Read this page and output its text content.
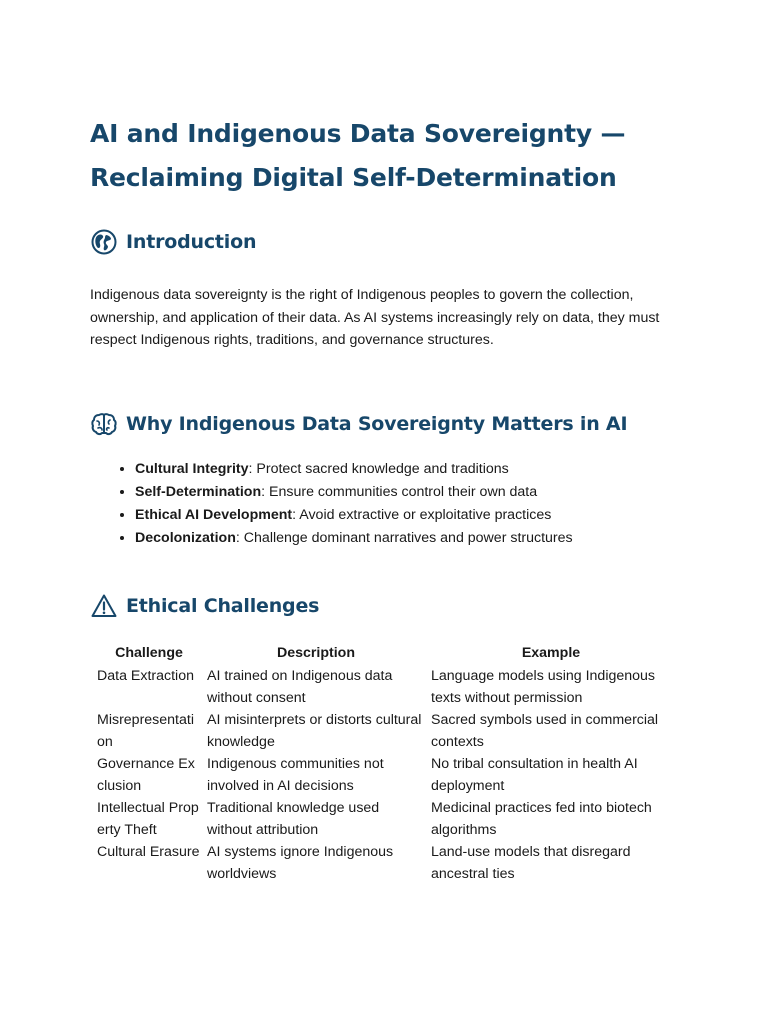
AI and Indigenous Data Sovereignty — Reclaiming Digital Self-Determination
Introduction

Indigenous data sovereignty is the right of Indigenous peoples to govern the collection, ownership, and application of their data. As AI systems increasingly rely on data, they must respect Indigenous rights, traditions, and governance structures.

Why Indigenous Data Sovereignty Matters in AI
• Cultural Integrity: Protect sacred knowledge and traditions
• Self-Determination: Ensure communities control their own data
• Ethical AI Development: Avoid extractive or exploitative practices
• Decolonization: Challenge dominant narratives and power structures
Ethical Challenges
Challenge	Description	Example
Data Extraction	AI trained on Indigenous data without consent	Language models using Indigenous texts without permission
Misrepresentation	AI misinterprets or distorts cultural knowledge	Sacred symbols used in commercial contexts
Governance Exclusion	Indigenous communities not involved in AI decisions	No tribal consultation in health AI deployment
Intellectual Property Theft	Traditional knowledge used without attribution	Medicinal practices fed into biotech algorithms
Cultural Erasure	AI systems ignore Indigenous worldviews	Land-use models that disregard ancestral ties
